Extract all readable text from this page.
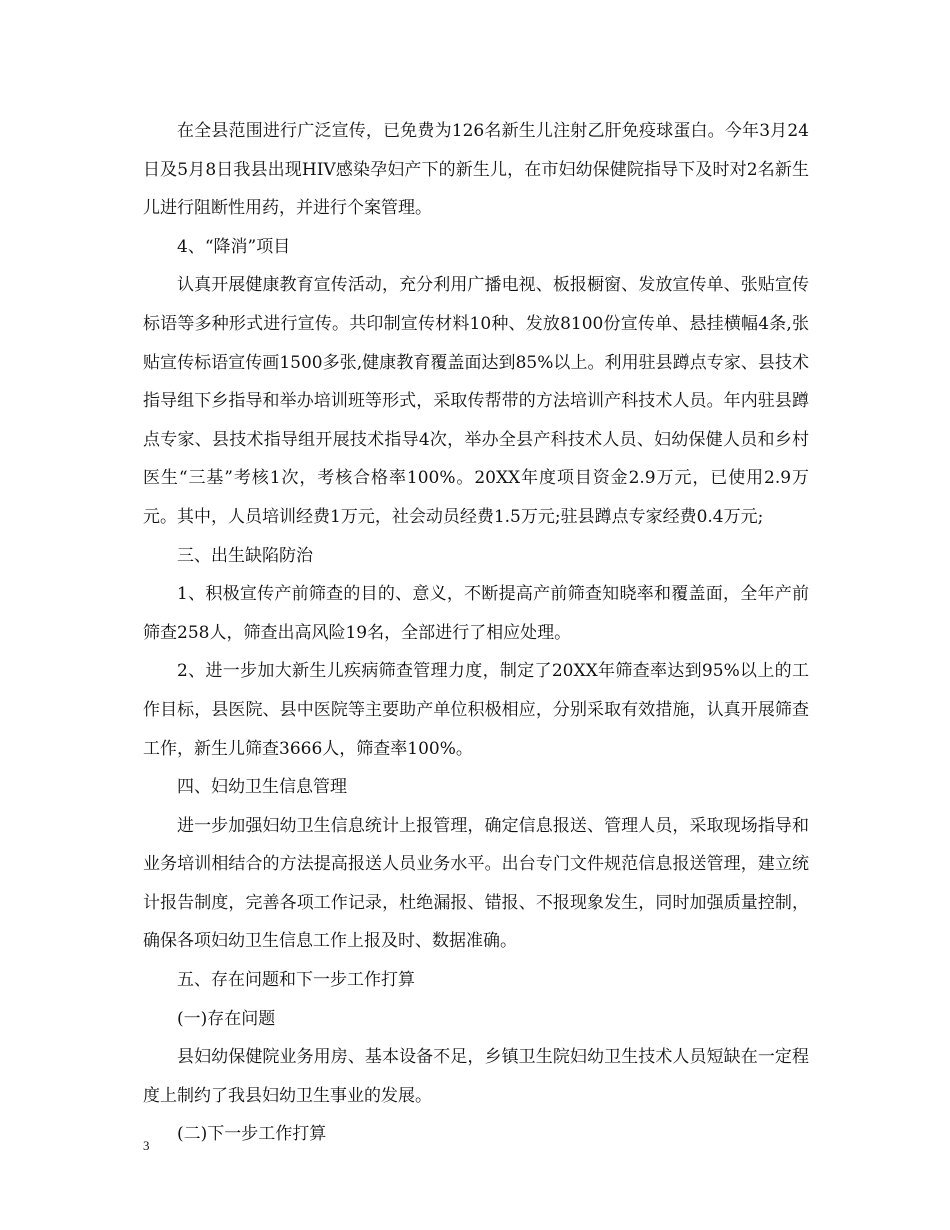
在全县范围进行广泛宣传，已免费为126名新生儿注射乙肝免疫球蛋白。今年3月24日及5月8日我县出现HIV感染孕妇产下的新生儿，在市妇幼保健院指导下及时对2名新生儿进行阻断性用药，并进行个案管理。

4、“降消”项目

认真开展健康教育宣传活动，充分利用广播电视、板报橱窗、发放宣传单、张贴宣传标语等多种形式进行宣传。共印制宣传材料10种、发放8100份宣传单、悬挂横幅4条,张贴宣传标语宣传画1500多张,健康教育覆盖面达到85%以上。利用驻县蹲点专家、县技术指导组下乡指导和举办培训班等形式，采取传帮带的方法培训产科技术人员。年内驻县蹲点专家、县技术指导组开展技术指导4次，举办全县产科技术人员、妇幼保健人员和乡村医生“三基”考核1次，考核合格率100%。20XX年度项目资金2.9万元，已使用2.9万元。其中，人员培训经费1万元，社会动员经费1.5万元;驻县蹲点专家经费0.4万元;

三、出生缺陷防治

1、积极宣传产前筛查的目的、意义，不断提高产前筛查知晓率和覆盖面，全年产前筛查258人，筛查出高风险19名，全部进行了相应处理。

2、进一步加大新生儿疾病筛查管理力度，制定了20XX年筛查率达到95%以上的工作目标，县医院、县中医院等主要助产单位积极相应，分别采取有效措施，认真开展筛查工作，新生儿筛查3666人，筛查率100%。

四、妇幼卫生信息管理

进一步加强妇幼卫生信息统计上报管理，确定信息报送、管理人员，采取现场指导和业务培训相结合的方法提高报送人员业务水平。出台专门文件规范信息报送管理，建立统计报告制度，完善各项工作记录，杜绝漏报、错报、不报现象发生，同时加强质量控制，确保各项妇幼卫生信息工作上报及时、数据准确。

五、存在问题和下一步工作打算

(一)存在问题

县妇幼保健院业务用房、基本设备不足，乡镇卫生院妇幼卫生技术人员短缺在一定程度上制约了我县妇幼卫生事业的发展。

(二)下一步工作打算

3
